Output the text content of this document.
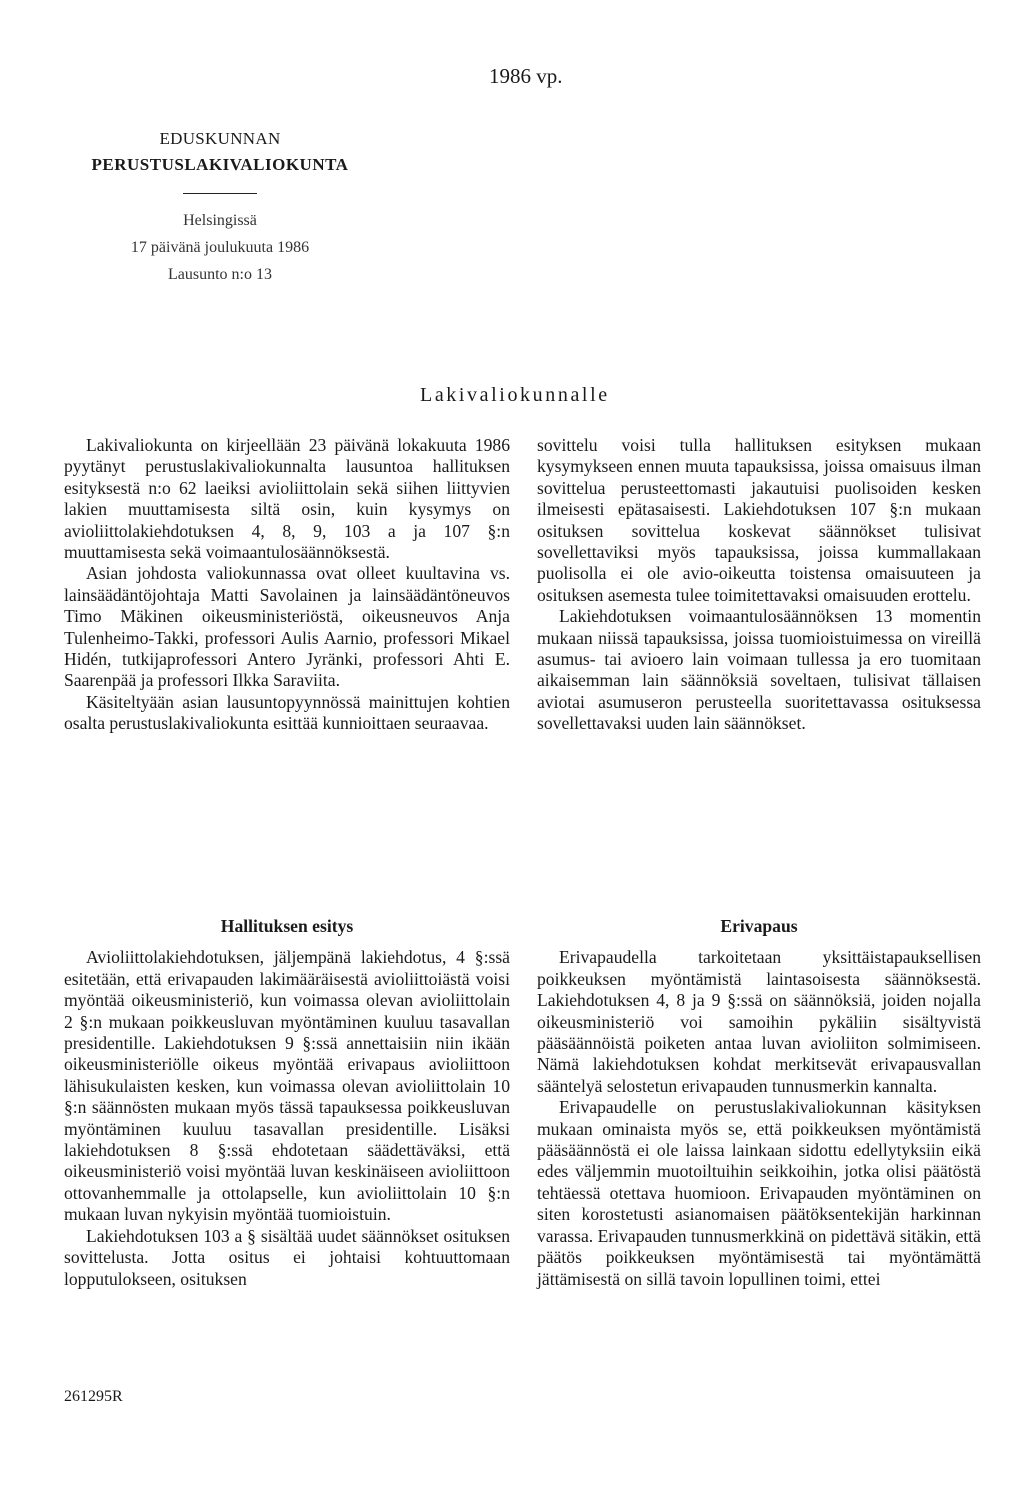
1986 vp.
EDUSKUNNAN
PERUSTUSLAKIVALIOKUNTA
Helsingissä
17 päivänä joulukuuta 1986
Lausunto n:o 13
Lakivaliokunnalle

Lakivaliokunta on kirjeellään 23 päivänä lokakuuta 1986 pyytänyt perustuslakivaliokunnalta lausuntoa hallituksen esityksestä n:o 62 laeiksi avioliittolain sekä siihen liittyvien lakien muuttamisesta siltä osin, kuin kysymys on avioliittolakiehdotuksen 4, 8, 9, 103 a ja 107 §:n muuttamisesta sekä voimaantulosäännöksestä.

Asian johdosta valiokunnassa ovat olleet kuultavina vs. lainsäädäntöjohtaja Matti Savolainen ja lainsäädäntöneuvos Timo Mäkinen oikeusministeriöstä, oikeusneuvos Anja Tulenheimo-Takki, professori Aulis Aarnio, professori Mikael Hidén, tutkijaprofessori Antero Jyränki, professori Ahti E. Saarenpää ja professori Ilkka Saraviita.

Käsiteltyään asian lausuntopyynnössä mainittujen kohtien osalta perustuslakivaliokunta esittää kunnioittaen seuraavaa.

sovittelu voisi tulla hallituksen esityksen mukaan kysymykseen ennen muuta tapauksissa, joissa omaisuus ilman sovittelua perusteettomasti jakautuisi puolisoiden kesken ilmeisesti epätasaisesti. Lakiehdotuksen 107 §:n mukaan osituksen sovittelua koskevat säännökset tulisivat sovellettaviksi myös tapauksissa, joissa kummallakaan puolisolla ei ole avio-oikeutta toistensa omaisuuteen ja osituksen asemesta tulee toimitettavaksi omaisuuden erottelu.

Lakiehdotuksen voimaantulosäännöksen 13 momentin mukaan niissä tapauksissa, joissa tuomioistuimessa on vireillä asumus- tai avioero lain voimaan tullessa ja ero tuomitaan aikaisemman lain säännöksiä soveltaen, tulisivat tällaisen aviotai asumuseron perusteella suoritettavassa osituksessa sovellettavaksi uuden lain säännökset.

Hallituksen esitys

Avioliittolakiehdotuksen, jäljempänä lakiehdotus, 4 §:ssä esitetään, että erivapauden lakimääräisestä avioliittoiästä voisi myöntää oikeusministeriö, kun voimassa olevan avioliittolain 2 §:n mukaan poikkeusluvan myöntäminen kuuluu tasavallan presidentille. Lakiehdotuksen 9 §:ssä annettaisiin niin ikään oikeusministeriölle oikeus myöntää erivapaus avioliittoon lähisukulaisten kesken, kun voimassa olevan avioliittolain 10 §:n säännösten mukaan myös tässä tapauksessa poikkeusluvan myöntäminen kuuluu tasavallan presidentille. Lisäksi lakiehdotuksen 8 §:ssä ehdotetaan säädettäväksi, että oikeusministeriö voisi myöntää luvan keskinäiseen avioliittoon ottovanhemmalle ja ottolapselle, kun avioliittolain 10 §:n mukaan luvan nykyisin myöntää tuomioistuin.

Lakiehdotuksen 103 a § sisältää uudet säännökset osituksen sovittelusta. Jotta ositus ei johtaisi kohtuuttomaan lopputulokseen, osituksen

Erivapaus

Erivapaudella tarkoitetaan yksittäistapauksellisen poikkeuksen myöntämistä laintasoisesta säännöksestä. Lakiehdotuksen 4, 8 ja 9 §:ssä on säännöksiä, joiden nojalla oikeusministeriö voi samoihin pykäliin sisältyvistä pääsäännöistä poiketen antaa luvan avioliiton solmimiseen. Nämä lakiehdotuksen kohdat merkitsevät erivapausvallan sääntelyä selostetun erivapauden tunnusmerkin kannalta.

Erivapaudelle on perustuslakivaliokunnan käsityksen mukaan ominaista myös se, että poikkeuksen myöntämistä pääsäännöstä ei ole laissa lainkaan sidottu edellytyksiin eikä edes väljemmin muotoiltuihin seikkoihin, jotka olisi päätöstä tehtäessä otettava huomioon. Erivapauden myöntäminen on siten korostetusti asianomaisen päätöksentekijän harkinnan varassa. Erivapauden tunnusmerkkinä on pidettävä sitäkin, että päätös poikkeuksen myöntämisestä tai myöntämättä jättämisestä on sillä tavoin lopullinen toimi, ettei

261295R
